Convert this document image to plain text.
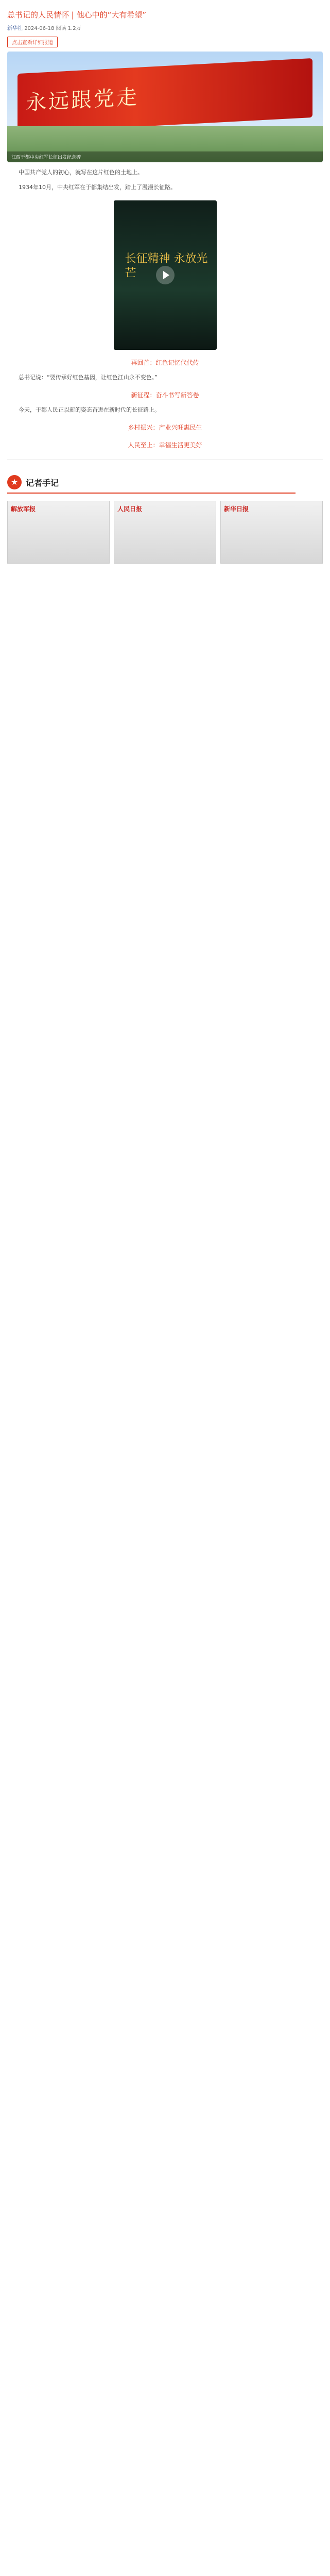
总书记的人民情怀 | 他心中的“大有希望”
新华社 2024-06-18 阅读 1.2万
点击查看详细报道
永远跟党走
江西于都中央红军长征出发纪念碑

中国共产党人的初心，就写在这片红色的土地上。

1934年10月，中央红军在于都集结出发，踏上了漫漫长征路。

长征精神 永放光芒
再回首：红色记忆代代传

总书记说：“要传承好红色基因，让红色江山永不变色。”

新征程：奋斗书写新答卷

今天，于都人民正以新的姿态奋进在新时代的长征路上。

乡村振兴：产业兴旺惠民生
人民至上：幸福生活更美好
★ 记者手记
解放军报	人民日报	新华日报
